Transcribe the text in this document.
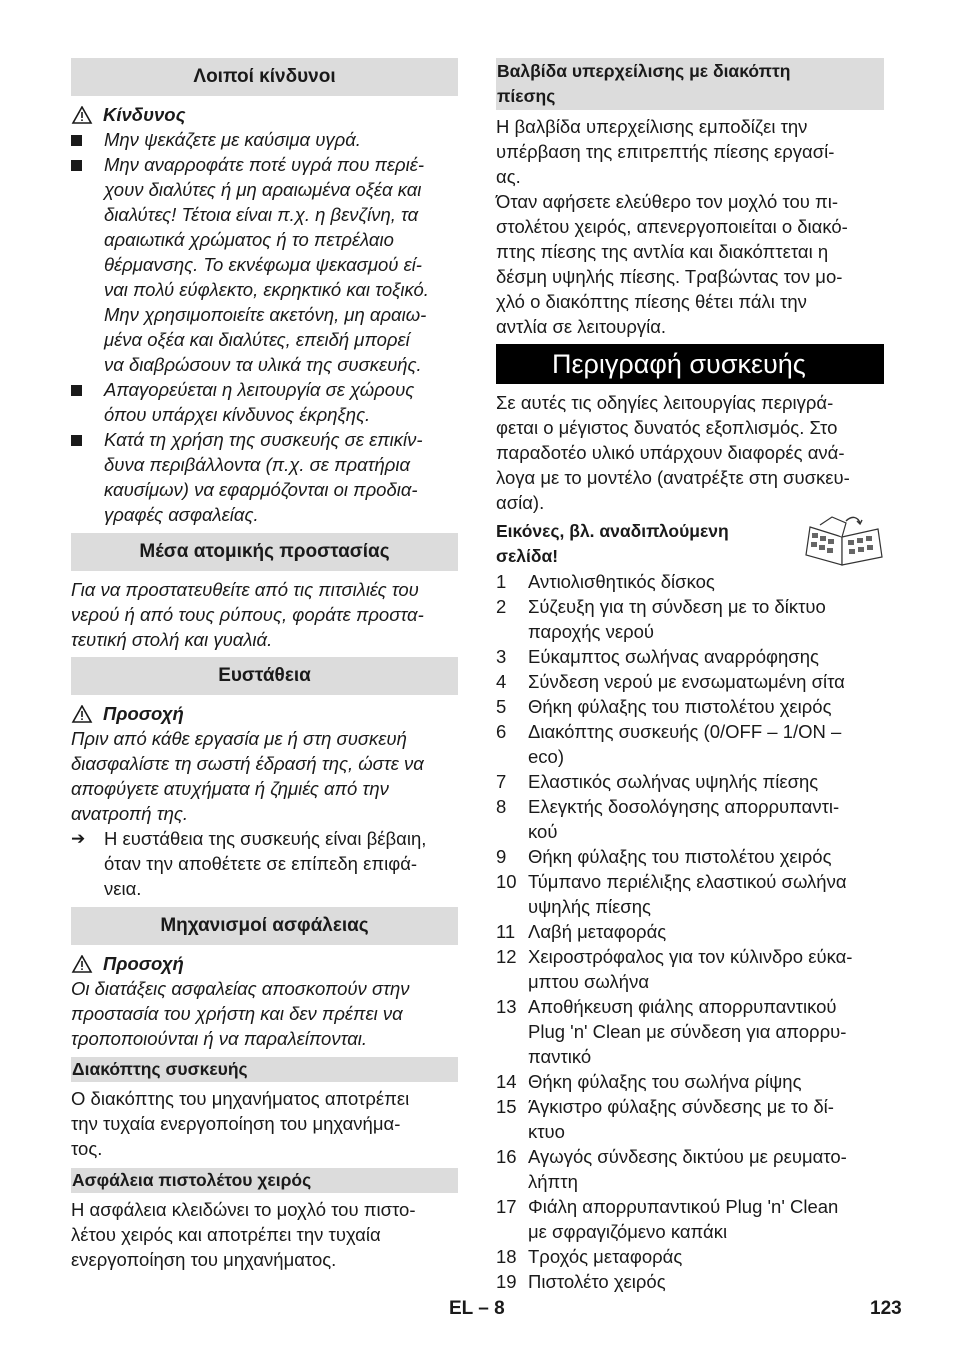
Λοιποί κίνδυνοι
Κίνδυνος
Μην ψεκάζετε με καύσιμα υγρά.
Μην αναρροφάτε ποτέ υγρά που περιέ-
χουν διαλύτες ή μη αραιωμένα οξέα και
διαλύτες! Τέτοια είναι π.χ. η βενζίνη, τα
αραιωτικά χρώματος ή το πετρέλαιο
θέρμανσης. Το εκνέφωμα ψεκασμού εί-
ναι πολύ εύφλεκτο, εκρηκτικό και τοξικό.
Μην χρησιμοποιείτε ακετόνη, μη αραιω-
μένα οξέα και διαλύτες, επειδή μπορεί
να διαβρώσουν τα υλικά της συσκευής.
Απαγορεύεται η λειτουργία σε χώρους
όπου υπάρχει κίνδυνος έκρηξης.
Κατά τη χρήση της συσκευής σε επικίν-
δυνα περιβάλλοντα (π.χ. σε πρατήρια
καυσίμων) να εφαρμόζονται οι προδια-
γραφές ασφαλείας.
Μέσα ατομικής προστασίας
Για να προστατευθείτε από τις πιτσιλιές του
νερού ή από τους ρύπους, φοράτε προστα-
τευτική στολή και γυαλιά.
Ευστάθεια
Προσοχή
Πριν από κάθε εργασία με ή στη συσκευή
διασφαλίστε τη σωστή έδρασή της, ώστε να
αποφύγετε ατυχήματα ή ζημιές από την
ανατροπή της.
➔	Η ευστάθεια της συσκευής είναι βέβαιη,
όταν την αποθέτετε σε επίπεδη επιφά-
νεια.
Μηχανισμοί ασφάλειας
Προσοχή
Οι διατάξεις ασφαλείας αποσκοπούν στην
προστασία του χρήστη και δεν πρέπει να
τροποποιούνται ή να παραλείπονται.
Διακόπτης συσκευής
Ο διακόπτης του μηχανήματος αποτρέπει
την τυχαία ενεργοποίηση του μηχανήμα-
τος.
Ασφάλεια πιστολέτου χειρός
Η ασφάλεια κλειδώνει το μοχλό του πιστο-
λέτου χειρός και αποτρέπει την τυχαία
ενεργοποίηση του μηχανήματος.
Βαλβίδα υπερχείλισης με διακόπτη
πίεσης
Η βαλβίδα υπερχείλισης εμποδίζει την
υπέρβαση της επιτρεπτής πίεσης εργασί-
ας.
Όταν αφήσετε ελεύθερο τον μοχλό του πι-
στολέτου χειρός, απενεργοποιείται ο διακό-
πτης πίεσης της αντλία και διακόπτεται η
δέσμη υψηλής πίεσης. Τραβώντας τον μο-
χλό ο διακόπτης πίεσης θέτει πάλι την
αντλία σε λειτουργία.
Περιγραφή συσκευής
Σε αυτές τις οδηγίες λειτουργίας περιγρά-
φεται ο μέγιστος δυνατός εξοπλισμός. Στο
παραδοτέο υλικό υπάρχουν διαφορές ανά-
λογα με το μοντέλο (ανατρέξτε στη συσκευ-
ασία).
Εικόνες, βλ. αναδιπλούμενη
σελίδα!
1	Αντιολισθητικός δίσκος
2	Σύζευξη για τη σύνδεση με το δίκτυο
παροχής νερού
3	Εύκαμπτος σωλήνας αναρρόφησης
4	Σύνδεση νερού με ενσωματωμένη σίτα
5	Θήκη φύλαξης του πιστολέτου χειρός
6	Διακόπτης συσκευής (0/OFF – 1/ON –
eco)
7	Ελαστικός σωλήνας υψηλής πίεσης
8	Ελεγκτής δοσολόγησης απορρυπαντι-
κού
9	Θήκη φύλαξης του πιστολέτου χειρός
10 Τύμπανο περιέλιξης ελαστικού σωλήνα
υψηλής πίεσης
11 Λαβή μεταφοράς
12 Χειροστρόφαλος για τον κύλινδρο εύκα-
μπτου σωλήνα
13 Αποθήκευση φιάλης απορρυπαντικού
Plug 'n' Clean με σύνδεση για απορρυ-
παντικό
14 Θήκη φύλαξης του σωλήνα ρίψης
15 Άγκιστρο φύλαξης σύνδεσης με το δί-
κτυο
16 Αγωγός σύνδεσης δικτύου με ρευματο-
λήπτη
17 Φιάλη απορρυπαντικού Plug 'n' Clean
με σφραγιζόμενο καπάκι
18 Τροχός μεταφοράς
19 Πιστολέτο χειρός
EL – 8	123
